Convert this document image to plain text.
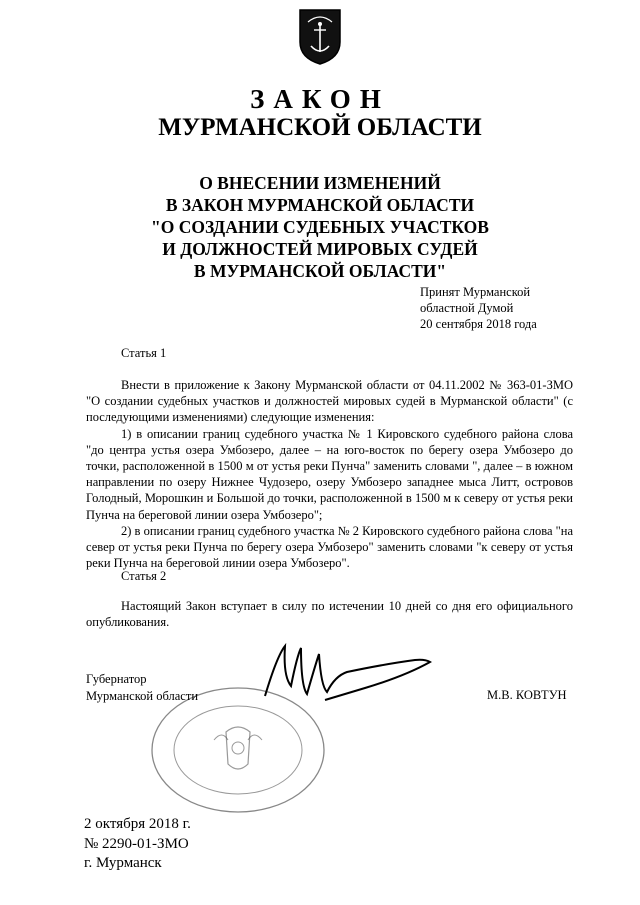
ЗАКОН
МУРМАНСКОЙ ОБЛАСТИ
О ВНЕСЕНИИ ИЗМЕНЕНИЙ
В ЗАКОН МУРМАНСКОЙ ОБЛАСТИ
"О СОЗДАНИИ СУДЕБНЫХ УЧАСТКОВ
И ДОЛЖНОСТЕЙ МИРОВЫХ СУДЕЙ
В МУРМАНСКОЙ ОБЛАСТИ"
Принят Мурманской
областной Думой
20 сентября 2018 года
Статья 1

Внести в приложение к Закону Мурманской области от 04.11.2002 № 363-01-ЗМО "О создании судебных участков и должностей мировых судей в Мурманской области" (с последующими изменениями) следующие изменения:

1) в описании границ судебного участка № 1 Кировского судебного района слова "до центра устья озера Умбозеро, далее – на юго-восток по берегу озера Умбозеро до точки, расположенной в 1500 м от устья реки Пунча" заменить словами ", далее – в южном направлении по озеру Нижнее Чудозеро, озеру Умбозеро западнее мыса Литт, островов Голодный, Морошкин и Большой до точки, расположенной в 1500 м к северу от устья реки Пунча на береговой линии озера Умбозеро";

2) в описании границ судебного участка № 2 Кировского судебного района слова "на север от устья реки Пунча по берегу озера Умбозеро" заменить словами "к северу от устья реки Пунча на береговой линии озера Умбозеро".

Статья 2

Настоящий Закон вступает в силу по истечении 10 дней со дня его официального опубликования.

Губернатор
Мурманской области	М.В. КОВТУН
2 октября 2018 г.
№ 2290-01-ЗМО
г. Мурманск
